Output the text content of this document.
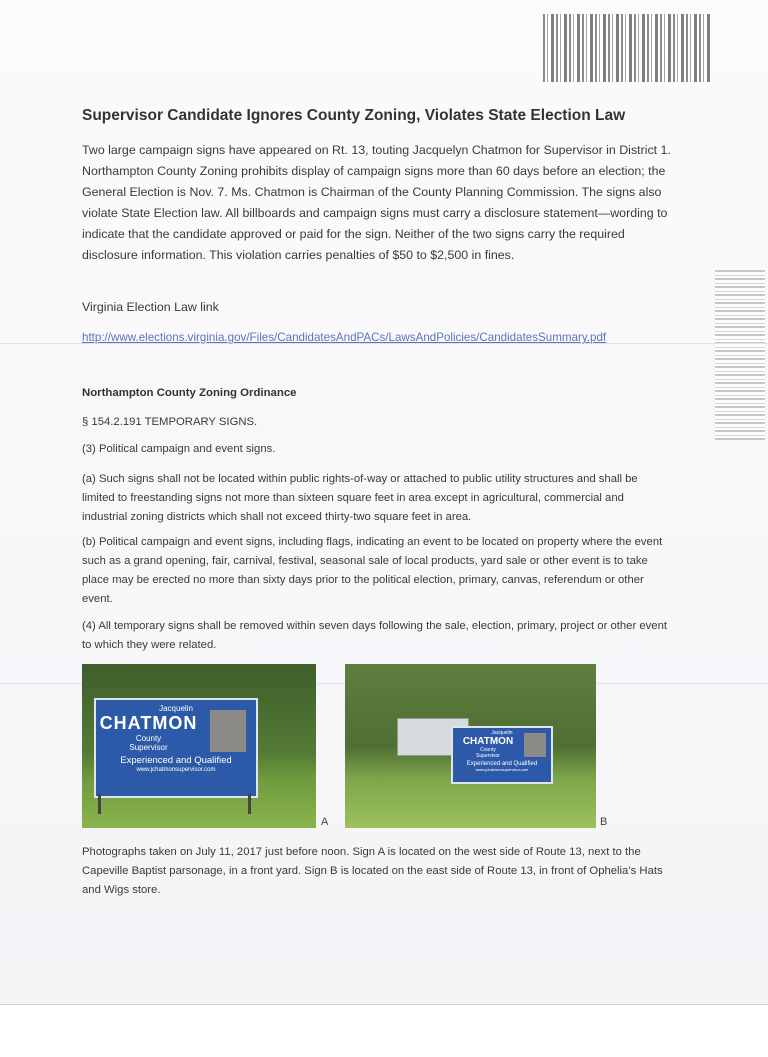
Supervisor Candidate Ignores County Zoning, Violates State Election Law

Two large campaign signs have appeared on Rt. 13, touting Jacquelyn Chatmon for Supervisor in District 1. Northampton County Zoning prohibits display of campaign signs more than 60 days before an election; the General Election is Nov. 7. Ms. Chatmon is Chairman of the County Planning Commission. The signs also violate State Election law. All billboards and campaign signs must carry a disclosure statement—wording to indicate that the candidate approved or paid for the sign. Neither of the two signs carry the required disclosure information. This violation carries penalties of $50 to $2,500 in fines.

Virginia Election Law link

http://www.elections.virginia.gov/Files/CandidatesAndPACs/LawsAndPolicies/CandidatesSummary.pdf

Northampton County Zoning Ordinance

§ 154.2.191 TEMPORARY SIGNS.

(3) Political campaign and event signs.

(a) Such signs shall not be located within public rights-of-way or attached to public utility structures and shall be limited to freestanding signs not more than sixteen square feet in area except in agricultural, commercial and industrial zoning districts which shall not exceed thirty-two square feet in area.

(b) Political campaign and event signs, including flags, indicating an event to be located on property where the event such as a grand opening, fair, carnival, festival, seasonal sale of local products, yard sale or other event is to take place may be erected no more than sixty days prior to the political election, primary, canvas, referendum or other event.

(4) All temporary signs shall be removed within seven days following the sale, election, primary, project or other event to which they were related.

Jacquelin
CHATMON
County
Supervisor
Experienced and Qualified
www.jchatmonsupervisor.com
A
Jacquelin
CHATMON
County
Supervisor
Experienced and Qualified
www.jchatmonsupervisor.com
B

Photographs taken on July 11, 2017 just before noon. Sign A is located on the west side of Route 13, next to the Capeville Baptist parsonage, in a front yard. Sign B is located on the east side of Route 13, in front of Ophelia’s Hats and Wigs store.
